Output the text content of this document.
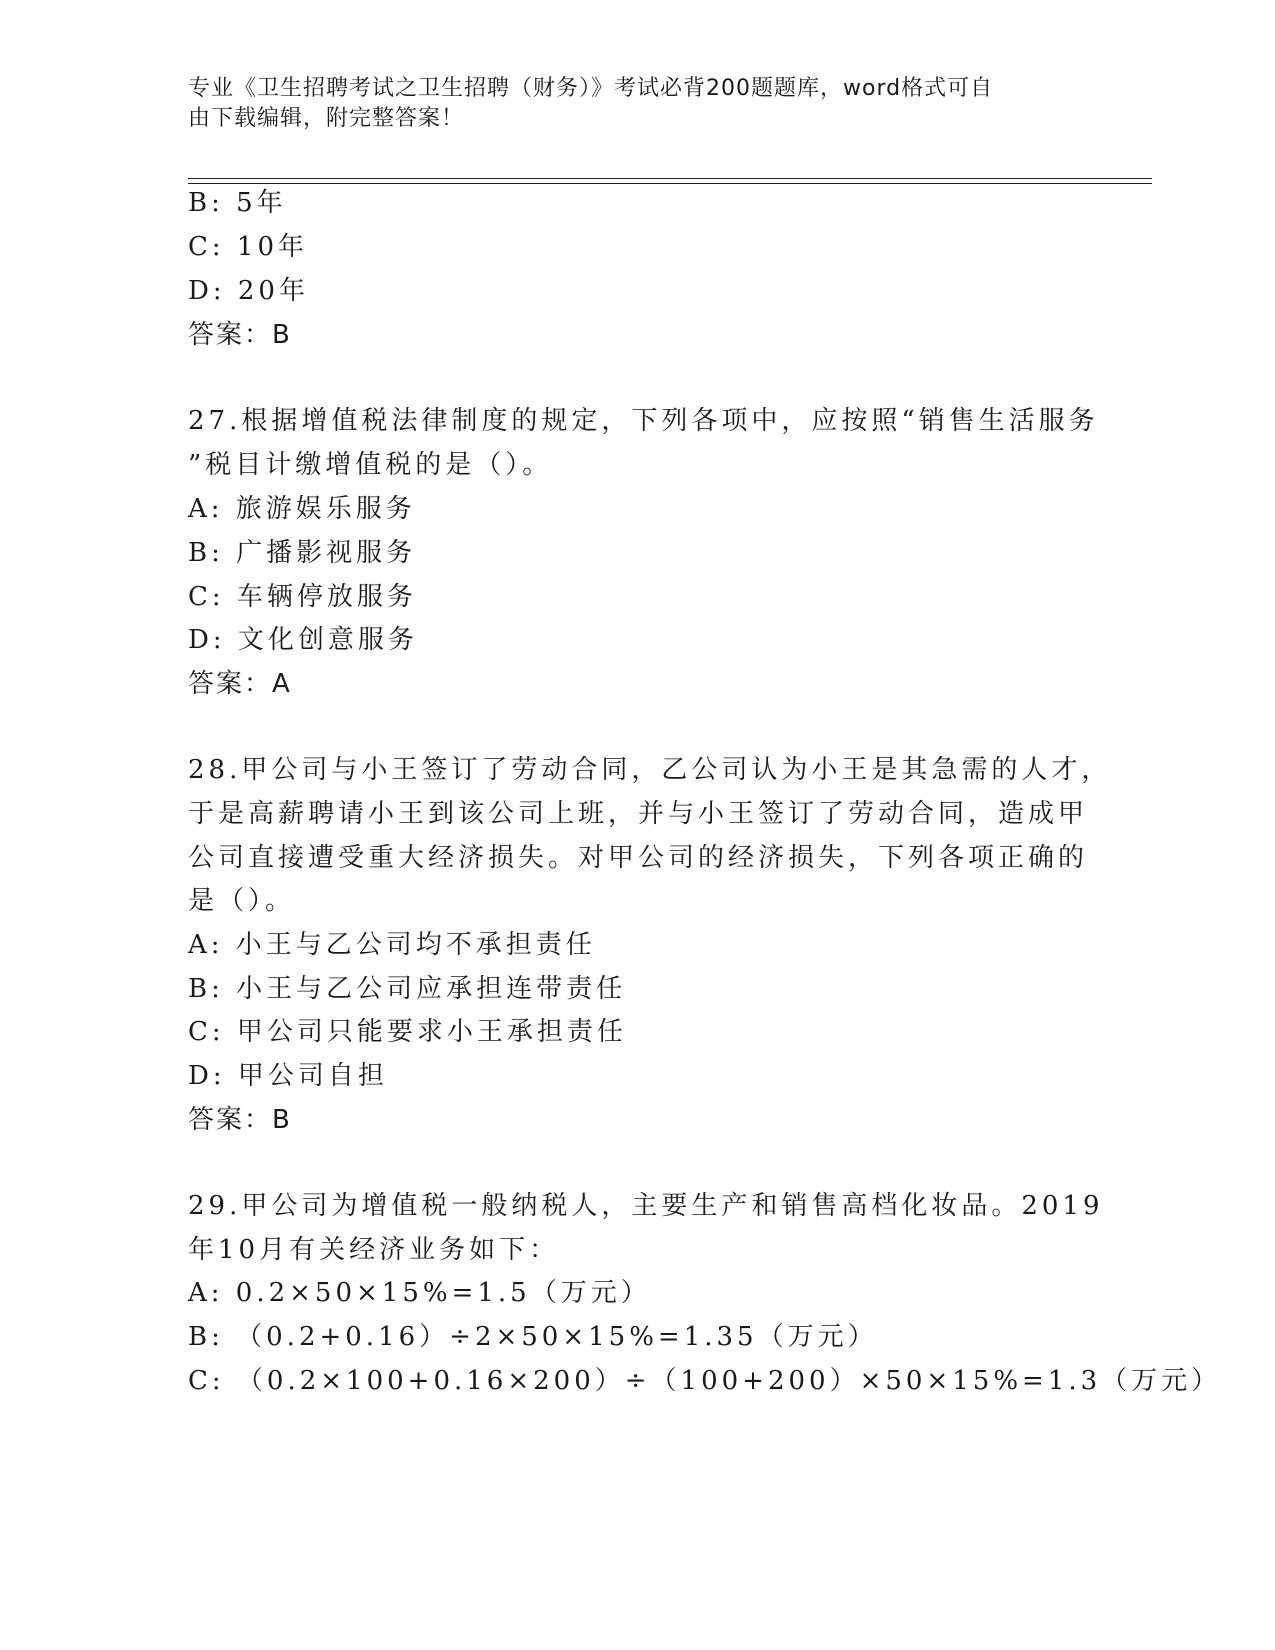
专业《卫生招聘考试之卫生招聘（财务）》考试必背200题题库，word格式可自
由下载编辑，附完整答案！
B: 5年
C: 10年
D: 20年
答案：B
27.根据增值税法律制度的规定，下列各项中，应按照“销售生活服务
”税目计缴增值税的是（）。
A: 旅游娱乐服务
B: 广播影视服务
C: 车辆停放服务
D: 文化创意服务
答案：A
28.甲公司与小王签订了劳动合同，乙公司认为小王是其急需的人才，
于是高薪聘请小王到该公司上班，并与小王签订了劳动合同，造成甲
公司直接遭受重大经济损失。对甲公司的经济损失，下列各项正确的
是（）。
A: 小王与乙公司均不承担责任
B: 小王与乙公司应承担连带责任
C: 甲公司只能要求小王承担责任
D: 甲公司自担
答案：B
29.甲公司为增值税一般纳税人，主要生产和销售高档化妆品。2019
年10月有关经济业务如下：
A: 0.2×50×15%=1.5（万元）
B: （0.2+0.16）÷2×50×15%=1.35（万元）
C: （0.2×100+0.16×200）÷（100+200）×50×15%=1.3（万元）
